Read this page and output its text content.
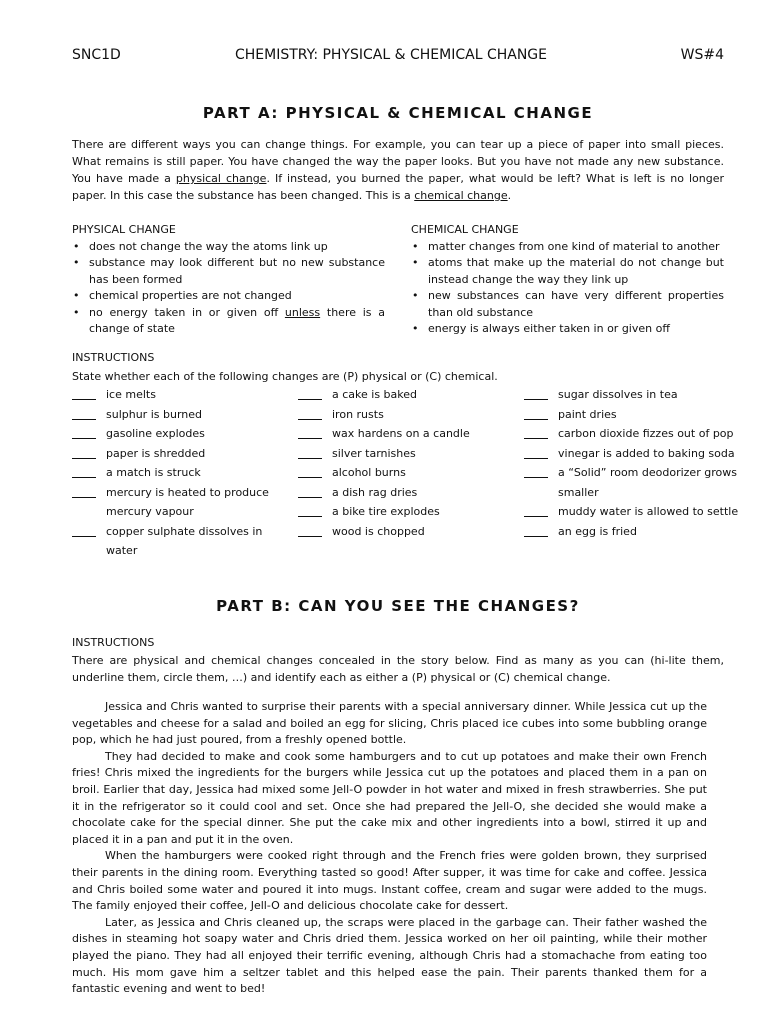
SNC1D	CHEMISTRY: PHYSICAL & CHEMICAL CHANGE	WS#4
PART A: PHYSICAL & CHEMICAL CHANGE
There are different ways you can change things. For example, you can tear up a piece of paper into small pieces. What remains is still paper. You have changed the way the paper looks. But you have not made any new substance. You have made a physical change. If instead, you burned the paper, what would be left? What is left is no longer paper. In this case the substance has been changed. This is a chemical change.
PHYSICAL CHANGE
• does not change the way the atoms link up
• substance may look different but no new substance has been formed
• chemical properties are not changed
• no energy taken in or given off unless there is a change of state
CHEMICAL CHANGE
• matter changes from one kind of material to another
• atoms that make up the material do not change but instead change the way they link up
• new substances can have very different properties than old substance
• energy is always either taken in or given off
INSTRUCTIONS
State whether each of the following changes are (P) physical or (C) chemical.
ice melts
sulphur is burned
gasoline explodes
paper is shredded
a match is struck
mercury is heated to produce
mercury vapour
copper sulphate dissolves in
water
a cake is baked
iron rusts
wax hardens on a candle
silver tarnishes
alcohol burns
a dish rag dries
a bike tire explodes
wood is chopped
sugar dissolves in tea
paint dries
carbon dioxide fizzes out of pop
vinegar is added to baking soda
a “Solid” room deodorizer grows
smaller
muddy water is allowed to settle
an egg is fried
PART B: CAN YOU SEE THE CHANGES?
INSTRUCTIONS
There are physical and chemical changes concealed in the story below. Find as many as you can (hi-lite them, underline them, circle them, …) and identify each as either a (P) physical or (C) chemical change.

Jessica and Chris wanted to surprise their parents with a special anniversary dinner. While Jessica cut up the vegetables and cheese for a salad and boiled an egg for slicing, Chris placed ice cubes into some bubbling orange pop, which he had just poured, from a freshly opened bottle.

They had decided to make and cook some hamburgers and to cut up potatoes and make their own French fries! Chris mixed the ingredients for the burgers while Jessica cut up the potatoes and placed them in a pan on broil. Earlier that day, Jessica had mixed some Jell-O powder in hot water and mixed in fresh strawberries. She put it in the refrigerator so it could cool and set. Once she had prepared the Jell-O, she decided she would make a chocolate cake for the special dinner. She put the cake mix and other ingredients into a bowl, stirred it up and placed it in a pan and put it in the oven.

When the hamburgers were cooked right through and the French fries were golden brown, they surprised their parents in the dining room. Everything tasted so good! After supper, it was time for cake and coffee. Jessica and Chris boiled some water and poured it into mugs. Instant coffee, cream and sugar were added to the mugs. The family enjoyed their coffee, Jell-O and delicious chocolate cake for dessert.

Later, as Jessica and Chris cleaned up, the scraps were placed in the garbage can. Their father washed the dishes in steaming hot soapy water and Chris dried them. Jessica worked on her oil painting, while their mother played the piano. They had all enjoyed their terrific evening, although Chris had a stomachache from eating too much. His mom gave him a seltzer tablet and this helped ease the pain. Their parents thanked them for a fantastic evening and went to bed!
